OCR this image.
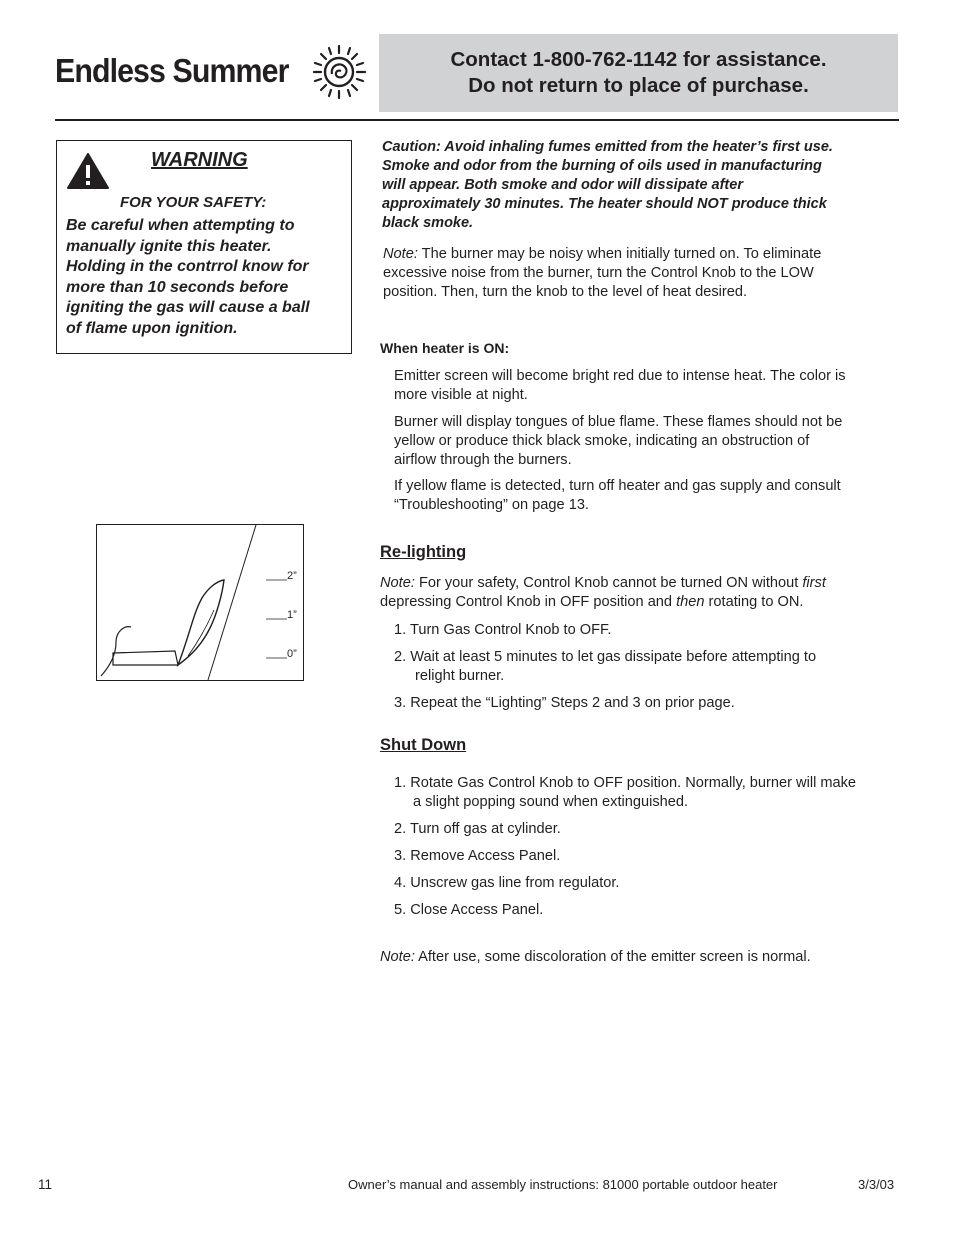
Endless Summer	Contact 1-800-762-1142 for assistance.
Do not return to place of purchase.
WARNING
FOR YOUR SAFETY:
Be careful when attempting to
manually ignite this heater.
Holding in the contrrol know for
more than 10 seconds before
igniting the gas will cause a ball
of flame upon ignition.
Caution: Avoid inhaling fumes emitted from the heater’s first use.
Smoke and odor from the burning of oils used in manufacturing
will appear. Both smoke and odor will dissipate after
approximately 30 minutes. The heater should NOT produce thick
black smoke.
Note: The burner may be noisy when initially turned on. To eliminate
excessive noise from the burner, turn the Control Knob to the LOW
position. Then, turn the knob to the level of heat desired.
When heater is ON:
Emitter screen will become bright red due to intense heat. The color is
more visible at night.
Burner will display tongues of blue flame. These flames should not be
yellow or produce thick black smoke, indicating an obstruction of
airflow through the burners.
If yellow flame is detected, turn off heater and gas supply and consult
“Troubleshooting” on page 13.
Re-lighting
Note: For your safety, Control Knob cannot be turned ON without first
depressing Control Knob in OFF position and then rotating to ON.
1. Turn Gas Control Knob to OFF.
2. Wait at least 5 minutes to let gas dissipate before attempting to
relight burner.
3. Repeat the “Lighting” Steps 2 and 3 on prior page.
Shut Down
1. Rotate Gas Control Knob to OFF position. Normally, burner will make
a slight popping sound when extinguished.
2. Turn off gas at cylinder.
3. Remove Access Panel.
4. Unscrew gas line from regulator.
5. Close Access Panel.
Note: After use, some discoloration of the emitter screen is normal.
2”
1”
0”
11	Owner’s manual and assembly instructions: 81000 portable outdoor heater	3/3/03
